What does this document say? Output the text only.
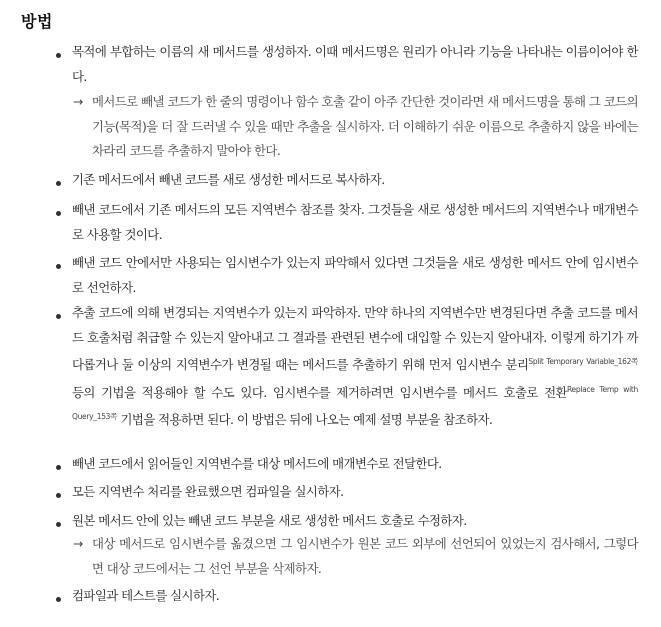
방법
목적에 부합하는 이름의 새 메서드를 생성하자. 이때 메서드명은 원리가 아니라 기능을 나타내는 이름이어야 한다.
→ 메서드로 빼낼 코드가 한 줄의 명령이나 함수 호출 같이 아주 간단한 것이라면 새 메서드명을 통해 그 코드의 기능(목적)을 더 잘 드러낼 수 있을 때만 추출을 실시하자. 더 이해하기 쉬운 이름으로 추출하지 않을 바에는 차라리 코드를 추출하지 말아야 한다.
기존 메서드에서 빼낸 코드를 새로 생성한 메서드로 복사하자.
빼낸 코드에서 기존 메서드의 모든 지역변수 참조를 찾자. 그것들을 새로 생성한 메서드의 지역변수나 매개변수로 사용할 것이다.
빼낸 코드 안에서만 사용되는 임시변수가 있는지 파악해서 있다면 그것들을 새로 생성한 메서드 안에 임시변수로 선언하자.
추출 코드에 의해 변경되는 지역변수가 있는지 파악하자. 만약 하나의 지역변수만 변경된다면 추출 코드를 메서드 호출처럼 취급할 수 있는지 알아내고 그 결과를 관련된 변수에 대입할 수 있는지 알아내자. 이렇게 하기가 까다롭거나 둘 이상의 지역변수가 변경될 때는 메서드를 추출하기 위해 먼저 임시변수 분리$^{Split Temporary Variable\_162쪽}$ 등의 기법을 적용해야 할 수도 있다. 임시변수를 제거하려면 임시변수를 메서드 호출로 전환$^{Replace Temp with Query\_153쪽}$ 기법을 적용하면 된다. 이 방법은 뒤에 나오는 예제 설명 부분을 참조하자.
빼낸 코드에서 읽어들인 지역변수를 대상 메서드에 매개변수로 전달한다.
모든 지역변수 처리를 완료했으면 컴파일을 실시하자.
원본 메서드 안에 있는 빼낸 코드 부분을 새로 생성한 메서드 호출로 수정하자.
→ 대상 메서드로 임시변수를 옮겼으면 그 임시변수가 원본 코드 외부에 선언되어 있었는지 검사해서, 그렇다면 대상 코드에서는 그 선언 부분을 삭제하자.
컴파일과 테스트를 실시하자.
